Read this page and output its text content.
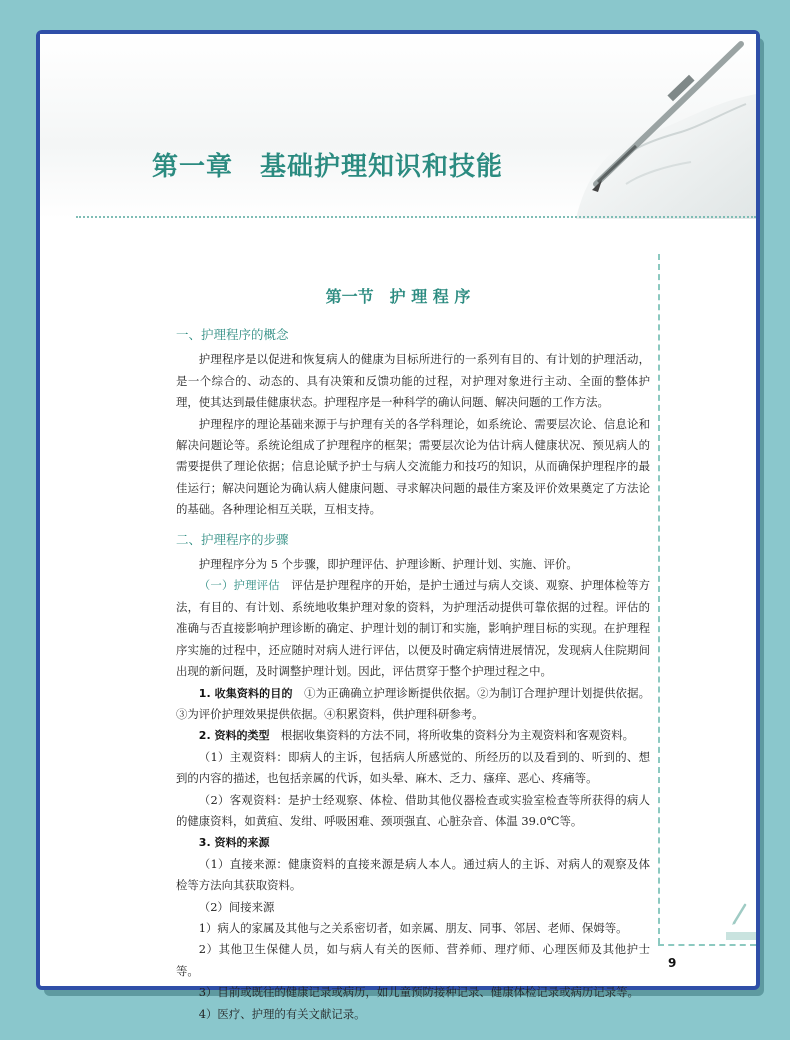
第一章　基础护理知识和技能
第一节　护 理 程 序
一、护理程序的概念

护理程序是以促进和恢复病人的健康为目标所进行的一系列有目的、有计划的护理活动，是一个综合的、动态的、具有决策和反馈功能的过程，对护理对象进行主动、全面的整体护理，使其达到最佳健康状态。护理程序是一种科学的确认问题、解决问题的工作方法。

护理程序的理论基础来源于与护理有关的各学科理论，如系统论、需要层次论、信息论和解决问题论等。系统论组成了护理程序的框架；需要层次论为估计病人健康状况、预见病人的需要提供了理论依据；信息论赋予护士与病人交流能力和技巧的知识，从而确保护理程序的最佳运行；解决问题论为确认病人健康问题、寻求解决问题的最佳方案及评价效果奠定了方法论的基础。各种理论相互关联，互相支持。

二、护理程序的步骤

护理程序分为 5 个步骤，即护理评估、护理诊断、护理计划、实施、评价。

（一）护理评估　评估是护理程序的开始，是护士通过与病人交谈、观察、护理体检等方法，有目的、有计划、系统地收集护理对象的资料，为护理活动提供可靠依据的过程。评估的准确与否直接影响护理诊断的确定、护理计划的制订和实施，影响护理目标的实现。在护理程序实施的过程中，还应随时对病人进行评估，以便及时确定病情进展情况，发现病人住院期间出现的新问题，及时调整护理计划。因此，评估贯穿于整个护理过程之中。

1. 收集资料的目的　①为正确确立护理诊断提供依据。②为制订合理护理计划提供依据。③为评价护理效果提供依据。④积累资料，供护理科研参考。

2. 资料的类型　根据收集资料的方法不同，将所收集的资料分为主观资料和客观资料。

（1）主观资料：即病人的主诉，包括病人所感觉的、所经历的以及看到的、听到的、想到的内容的描述，也包括亲属的代诉，如头晕、麻木、乏力、瘙痒、恶心、疼痛等。

（2）客观资料：是护士经观察、体检、借助其他仪器检查或实验室检查等所获得的病人的健康资料，如黄疸、发绀、呼吸困难、颈项强直、心脏杂音、体温 39.0℃等。

3. 资料的来源

（1）直接来源：健康资料的直接来源是病人本人。通过病人的主诉、对病人的观察及体检等方法向其获取资料。

（2）间接来源

1）病人的家属及其他与之关系密切者，如亲属、朋友、同事、邻居、老师、保姆等。

2）其他卫生保健人员，如与病人有关的医师、营养师、理疗师、心理医师及其他护士等。

3）目前或既往的健康记录或病历，如儿童预防接种记录、健康体检记录或病历记录等。

4）医疗、护理的有关文献记录。

9
